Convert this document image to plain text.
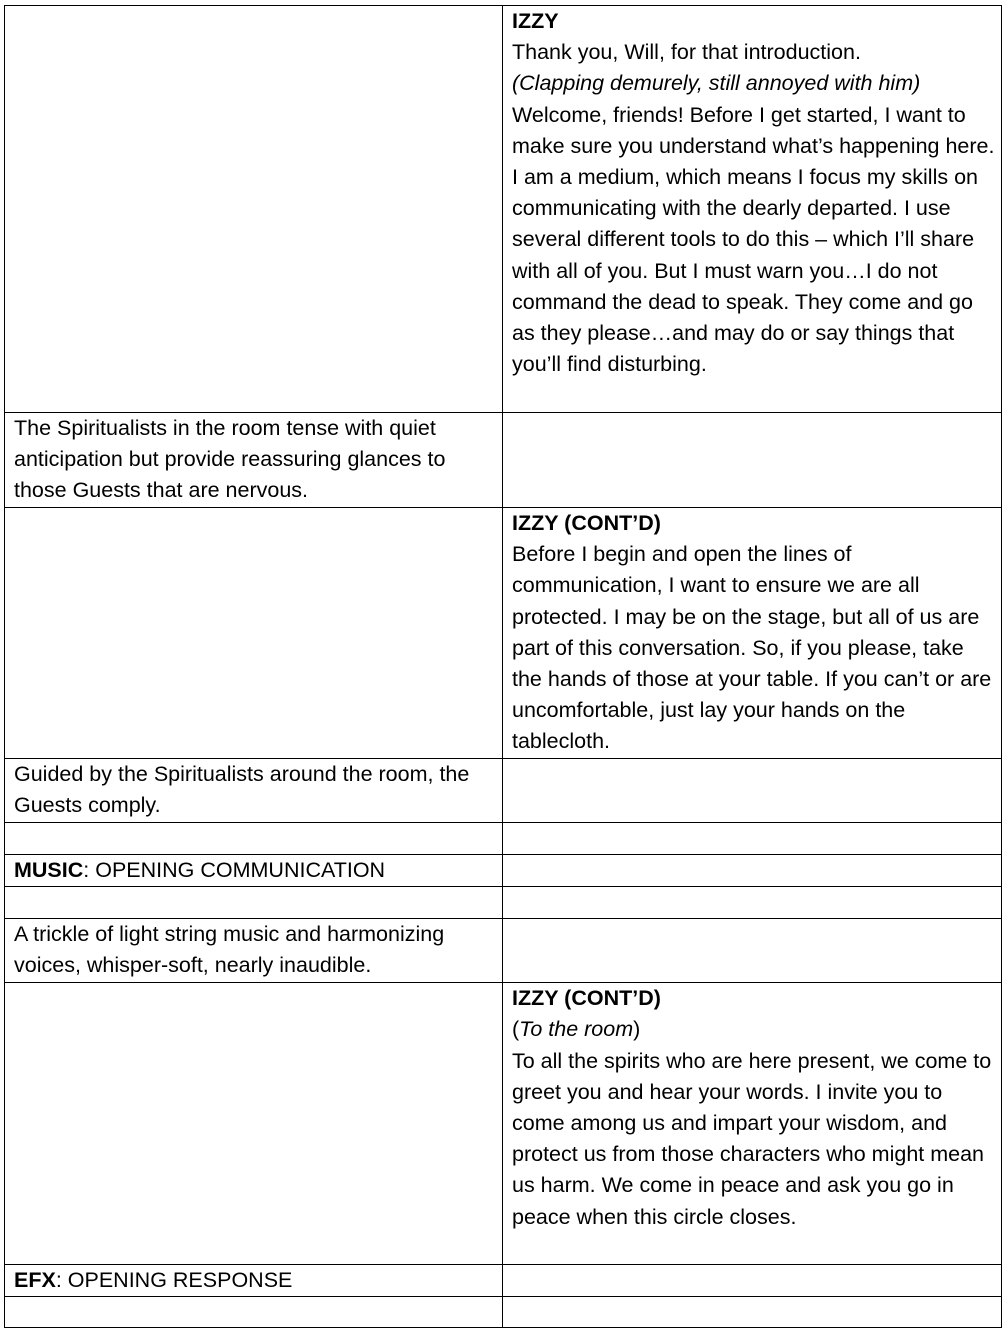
	IZZY
Thank you, Will, for that introduction.
(Clapping demurely, still annoyed with him)
Welcome, friends! Before I get started, I want to make sure you understand what’s happening here. I am a medium, which means I focus my skills on communicating with the dearly departed. I use several different tools to do this – which I’ll share with all of you. But I must warn you…I do not command the dead to speak. They come and go as they please…and may do or say things that you’ll find disturbing.

The Spiritualists in the room tense with quiet anticipation but provide reassuring glances to those Guests that are nervous.	

	IZZY (CONT’D)
Before I begin and open the lines of communication, I want to ensure we are all protected. I may be on the stage, but all of us are part of this conversation. So, if you please, take the hands of those at your table. If you can’t or are uncomfortable, just lay your hands on the tablecloth.

Guided by the Spiritualists around the room, the Guests comply.	

MUSIC: OPENING COMMUNICATION	

A trickle of light string music and harmonizing voices, whisper-soft, nearly inaudible.	

	IZZY (CONT’D)
(To the room)
To all the spirits who are here present, we come to greet you and hear your words. I invite you to come among us and impart your wisdom, and protect us from those characters who might mean us harm. We come in peace and ask you go in peace when this circle closes.

EFX: OPENING RESPONSE	
